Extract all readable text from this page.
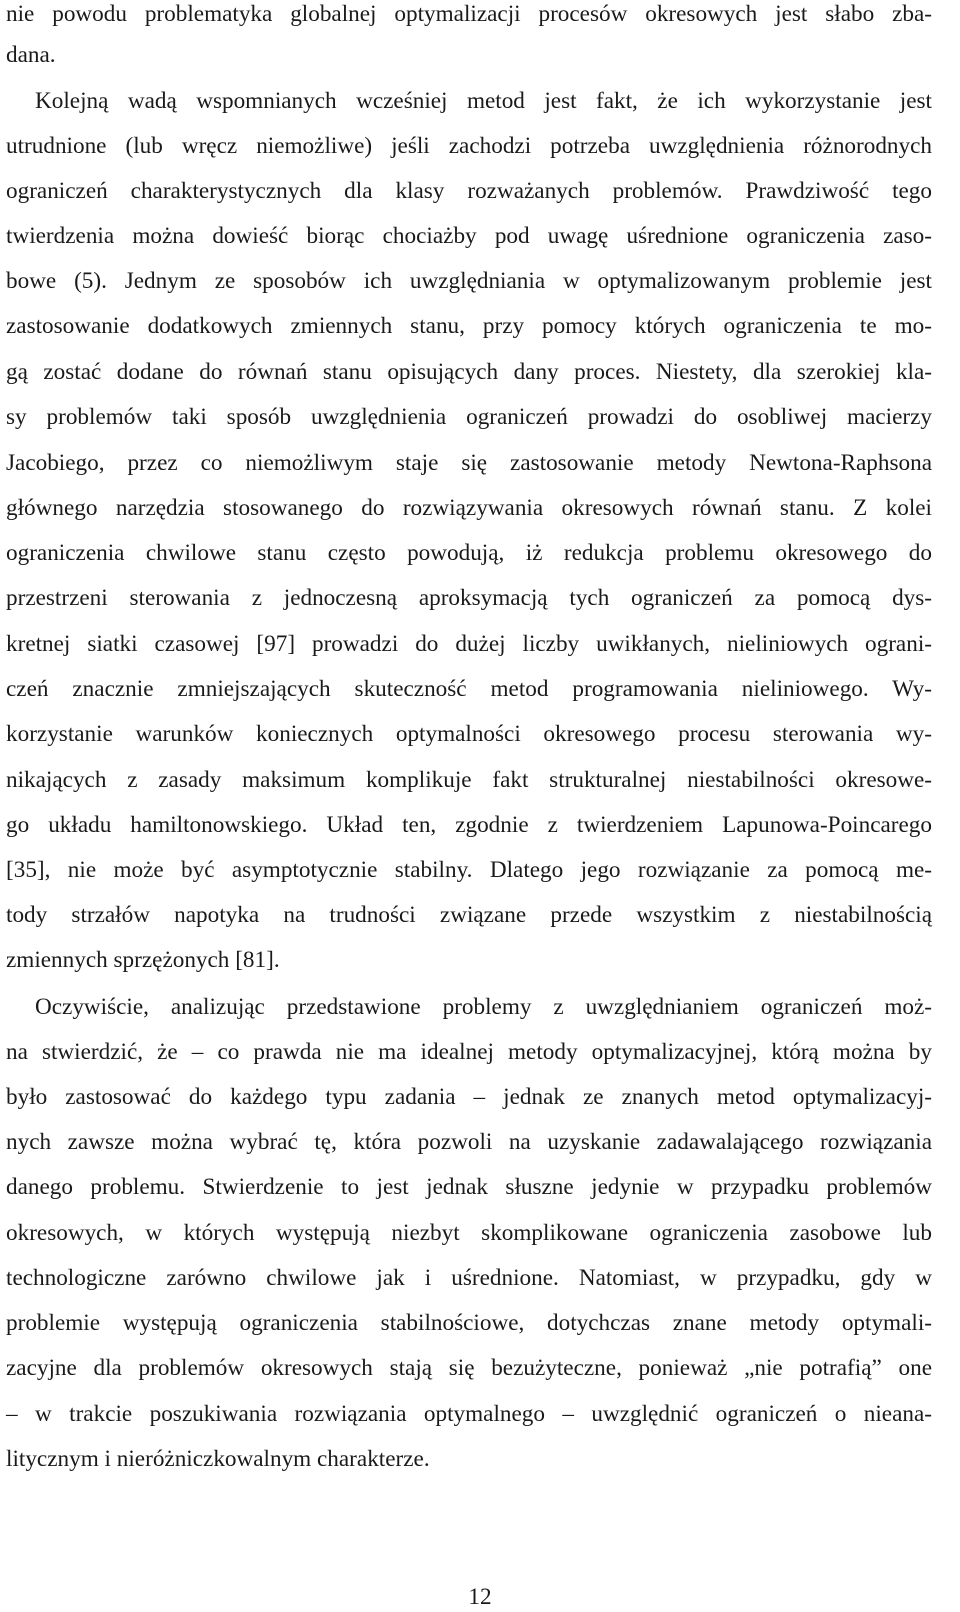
nie powodu problematyka globalnej optymalizacji procesów okresowych jest słabo zba-
dana.
Kolejną wadą wspomnianych wcześniej metod jest fakt, że ich wykorzystanie jest
utrudnione (lub wręcz niemożliwe) jeśli zachodzi potrzeba uwzględnienia różnorodnych
ograniczeń charakterystycznych dla klasy rozważanych problemów. Prawdziwość tego
twierdzenia można dowieść biorąc chociażby pod uwagę uśrednione ograniczenia zaso-
bowe (5). Jednym ze sposobów ich uwzględniania w optymalizowanym problemie jest
zastosowanie dodatkowych zmiennych stanu, przy pomocy których ograniczenia te mo-
gą zostać dodane do równań stanu opisujących dany proces. Niestety, dla szerokiej kla-
sy problemów taki sposób uwzględnienia ograniczeń prowadzi do osobliwej macierzy
Jacobiego, przez co niemożliwym staje się zastosowanie metody Newtona-Raphsona
głównego narzędzia stosowanego do rozwiązywania okresowych równań stanu. Z kolei
ograniczenia chwilowe stanu często powodują, iż redukcja problemu okresowego do
przestrzeni sterowania z jednoczesną aproksymacją tych ograniczeń za pomocą dys-
kretnej siatki czasowej [97] prowadzi do dużej liczby uwikłanych, nieliniowych ograni-
czeń znacznie zmniejszających skuteczność metod programowania nieliniowego. Wy-
korzystanie warunków koniecznych optymalności okresowego procesu sterowania wy-
nikających z zasady maksimum komplikuje fakt strukturalnej niestabilności okresowe-
go układu hamiltonowskiego. Układ ten, zgodnie z twierdzeniem Lapunowa-Poincarego
[35], nie może być asymptotycznie stabilny. Dlatego jego rozwiązanie za pomocą me-
tody strzałów napotyka na trudności związane przede wszystkim z niestabilnością
zmiennych sprzężonych [81].
Oczywiście, analizując przedstawione problemy z uwzględnianiem ograniczeń moż-
na stwierdzić, że – co prawda nie ma idealnej metody optymalizacyjnej, którą można by
było zastosować do każdego typu zadania – jednak ze znanych metod optymalizacyj-
nych zawsze można wybrać tę, która pozwoli na uzyskanie zadawalającego rozwiązania
danego problemu. Stwierdzenie to jest jednak słuszne jedynie w przypadku problemów
okresowych, w których występują niezbyt skomplikowane ograniczenia zasobowe lub
technologiczne zarówno chwilowe jak i uśrednione. Natomiast, w przypadku, gdy w
problemie występują ograniczenia stabilnościowe, dotychczas znane metody optymali-
zacyjne dla problemów okresowych stają się bezużyteczne, ponieważ „nie potrafią” one
– w trakcie poszukiwania rozwiązania optymalnego – uwzględnić ograniczeń o nieana-
litycznym i nieróżniczkowalnym charakterze.
12
